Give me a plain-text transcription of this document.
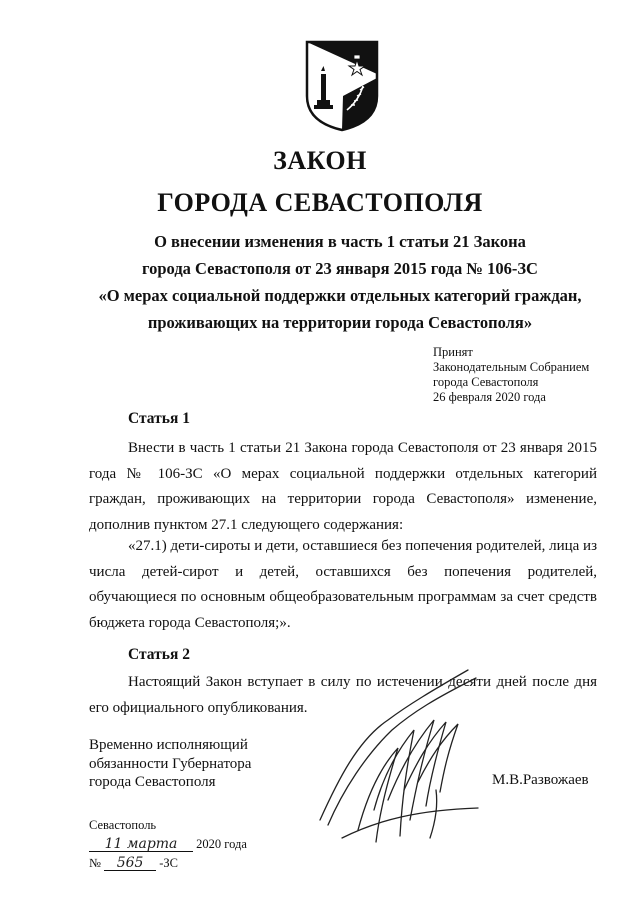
ЗАКОН
ГОРОДА СЕВАСТОПОЛЯ
О внесении изменения в часть 1 статьи 21 Закона
города Севастополя от 23 января 2015 года № 106-ЗС
«О мерах социальной поддержки отдельных категорий граждан,
проживающих на территории города Севастополя»
Принят
Законодательным Собранием
города Севастополя
26 февраля 2020 года
Статья 1
Внести в часть 1 статьи 21 Закона города Севастополя от 23 января 2015 года № 106-ЗС «О мерах социальной поддержки отдельных категорий граждан, проживающих на территории города Севастополя» изменение, дополнив пунктом 27.1 следующего содержания:
«27.1) дети-сироты и дети, оставшиеся без попечения родителей, лица из числа детей-сирот и детей, оставшихся без попечения родителей, обучающиеся по основным общеобразовательным программам за счет средств бюджета города Севастополя;».
Статья 2
Настоящий Закон вступает в силу по истечении десяти дней после дня его официального опубликования.
Временно исполняющий
обязанности Губернатора
города Севастополя	М.В.Развожаев
Севастополь
11 марта 2020 года
№ 565 -ЗС
